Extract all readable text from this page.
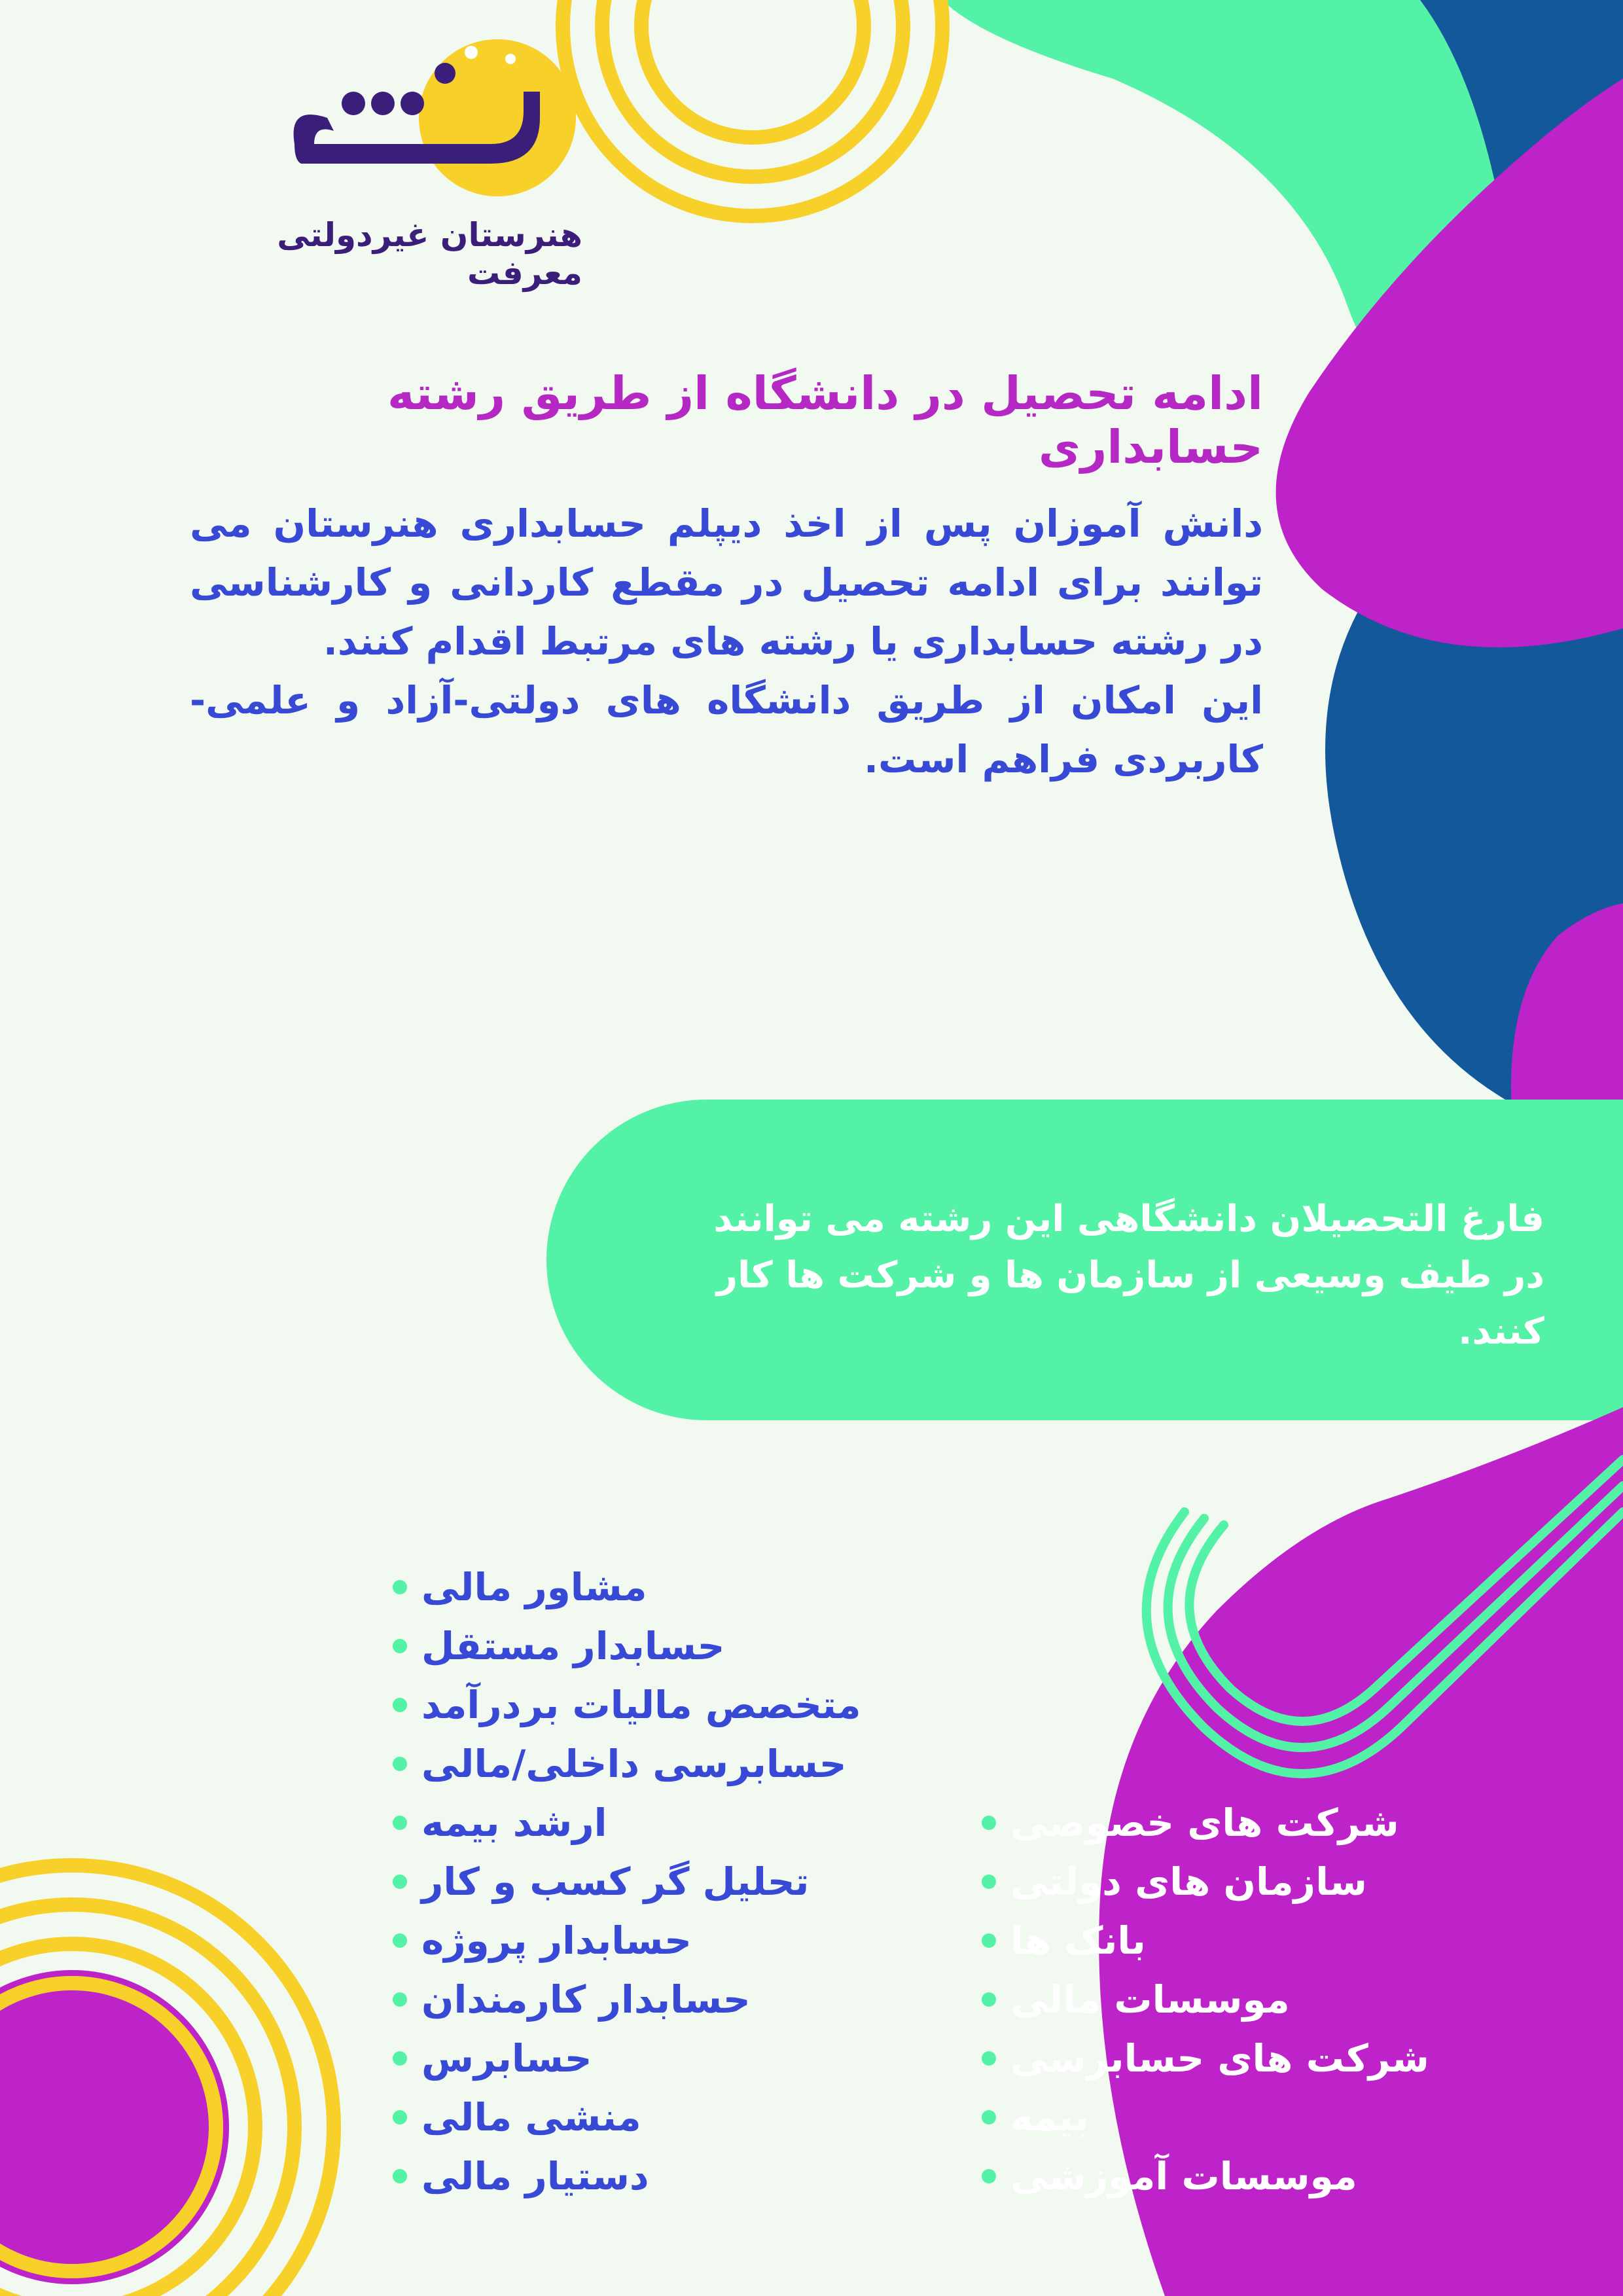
هنرستان غیردولتی معرفت
ادامه تحصیل در دانشگاه از طریق رشته حسابداری

دانش آموزان پس از اخذ دیپلم حسابداری هنرستان می توانند برای ادامه تحصیل در مقطع کاردانی و کارشناسی در رشته حسابداری یا رشته های مرتبط اقدام کنند.

این امکان از طریق دانشگاه های دولتی-آزاد و علمی-کاربردی فراهم است.

فارغ التحصیلان دانشگاهی این رشته می توانند
در طیف وسیعی از سازمان ها و شرکت ها کار کنند.
مشاور مالی
حسابدار مستقل
متخصص مالیات بردرآمد
حسابرسی داخلی/مالی
ارشد بیمه
تحلیل گر کسب و کار
حسابدار پروژه
حسابدار کارمندان
حسابرس
منشی مالی
دستیار مالی
شرکت های خصوصی
سازمان های دولتی
بانک ها
موسسات مالی
شرکت های حسابرسی
بیمه
موسسات آموزشی
